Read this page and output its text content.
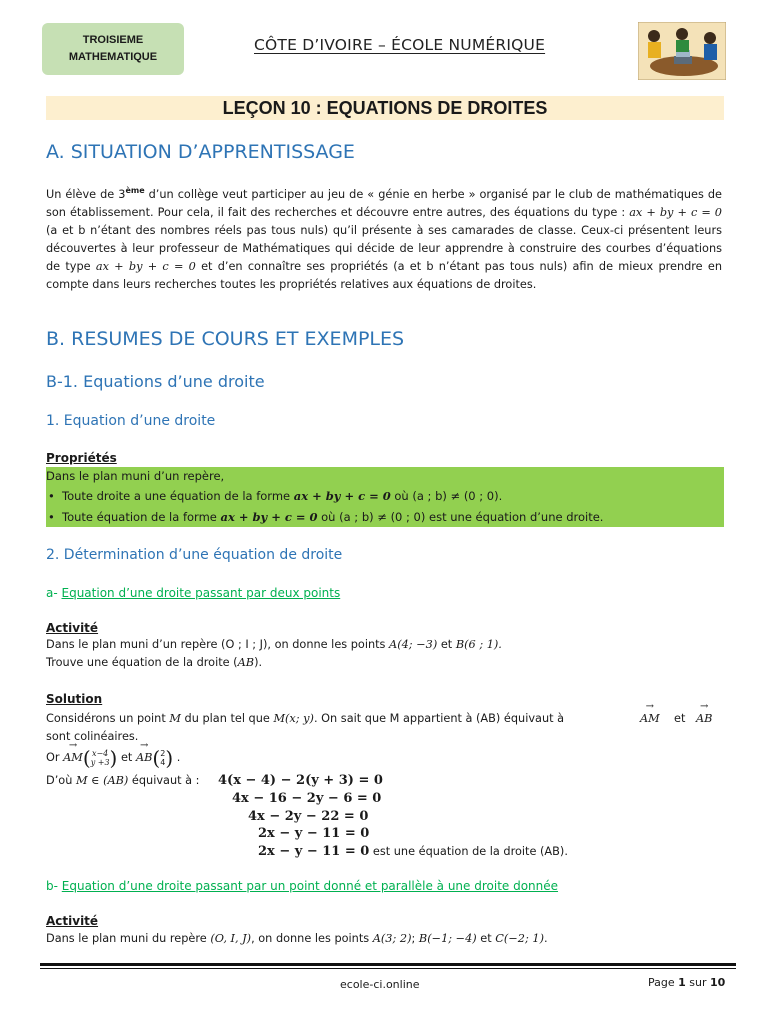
TROISIEME
MATHEMATIQUE
CÔTE D’IVOIRE – ÉCOLE NUMÉRIQUE
LEÇON 10 : EQUATIONS DE DROITES
A. SITUATION D’APPRENTISSAGE
Un élève de 3ème d’un collège veut participer au jeu de « génie en herbe » organisé par le club de mathématiques de son établissement. Pour cela, il fait des recherches et découvre entre autres, des équations du type : ax + by + c = 0 (a et b n’étant des nombres réels pas tous nuls) qu’il présente à ses camarades de classe. Ceux-ci présentent leurs découvertes à leur professeur de Mathématiques qui décide de leur apprendre à construire des courbes d’équations de type ax + by + c = 0 et d’en connaître ses propriétés (a et b n’étant pas tous nuls) afin de mieux prendre en compte dans leurs recherches toutes les propriétés relatives aux équations de droites.
B. RESUMES DE COURS ET EXEMPLES
B-1. Equations d’une droite
1. Equation d’une droite
Propriétés
Dans le plan muni d’un repère,
• Toute droite a une équation de la forme ax + by + c = 0 où (a ; b) ≠ (0 ; 0).
• Toute équation de la forme ax + by + c = 0 où (a ; b) ≠ (0 ; 0) est une équation d’une droite.
2. Détermination d’une équation de droite
a- Equation d’une droite passant par deux points
Activité
Dans le plan muni d’un repère (O ; I ; J), on donne les points A(4; −3) et B(6 ; 1).
Trouve une équation de la droite (AB).
Solution
Considérons un point M du plan tel que M(x; y). On sait que M appartient à (AB) équivaut à	→ AM et → AB
sont colinéaires.
Or → AM(x−4
y +3) et → AB(2
4) .
D’où M ∈ (AB) équivaut à : 4(x − 4) − 2(y + 3) = 0
4x − 16 − 2y − 6 = 0
4x − 2y − 22 = 0
2x − y − 11 = 0
2x − y − 11 = 0 est une équation de la droite (AB).
b- Equation d’une droite passant par un point donné et parallèle à une droite donnée
Activité
Dans le plan muni du repère (O, I, J), on donne les points A(3; 2); B(−1; −4) et C(−2; 1).
ecole-ci.online	Page 1 sur 10
